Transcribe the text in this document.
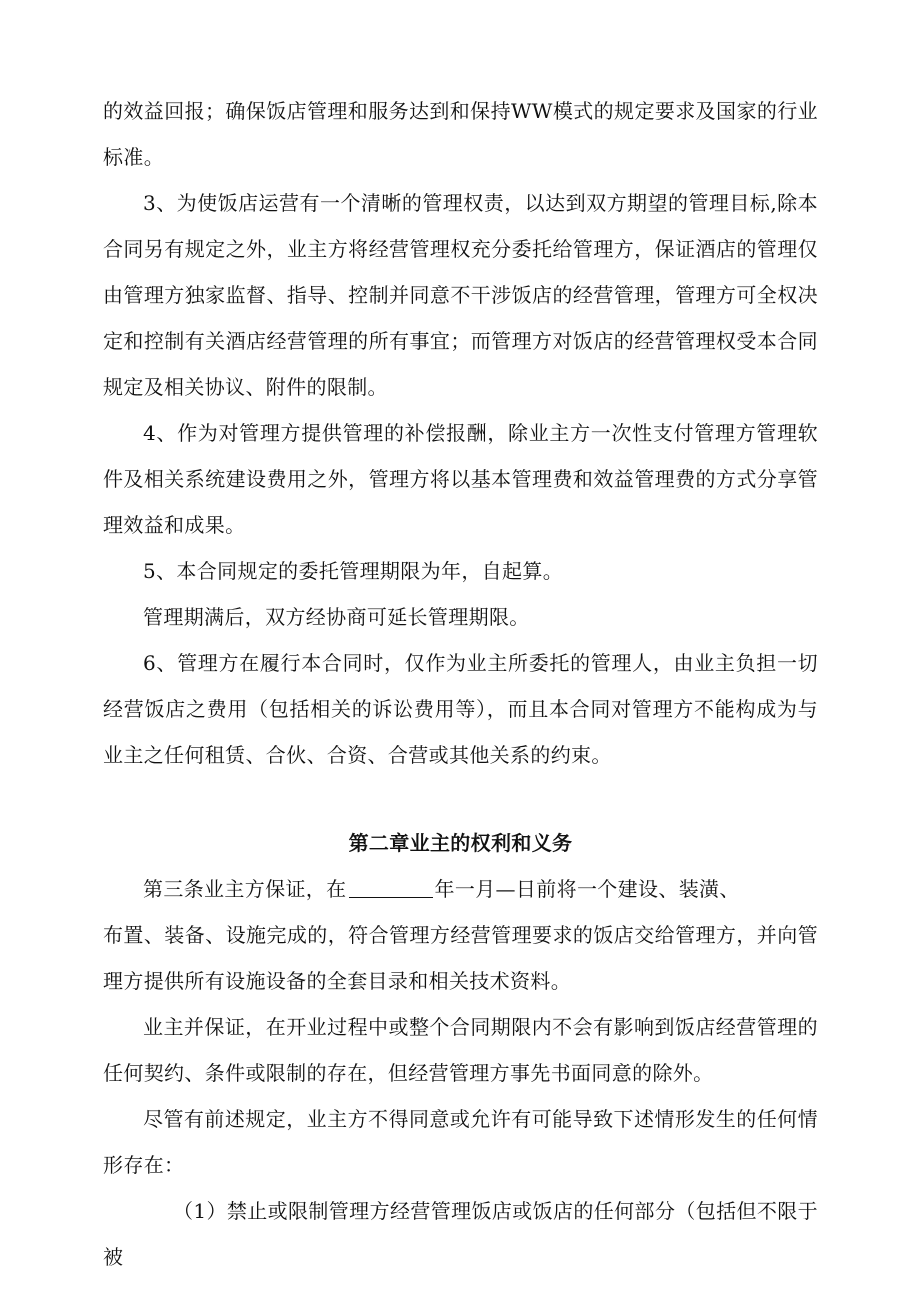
的效益回报；确保饭店管理和服务达到和保持WW模式的规定要求及国家的行业标准。

3、为使饭店运营有一个清晰的管理权责，以达到双方期望的管理目标,除本合同另有规定之外，业主方将经营管理权充分委托给管理方，保证酒店的管理仅由管理方独家监督、指导、控制并同意不干涉饭店的经营管理，管理方可全权决定和控制有关酒店经营管理的所有事宜；而管理方对饭店的经营管理权受本合同规定及相关协议、附件的限制。

4、作为对管理方提供管理的补偿报酬，除业主方一次性支付管理方管理软件及相关系统建设费用之外，管理方将以基本管理费和效益管理费的方式分享管理效益和成果。

5、本合同规定的委托管理期限为年，自起算。

管理期满后，双方经协商可延长管理期限。

6、管理方在履行本合同时，仅作为业主所委托的管理人，由业主负担一切经营饭店之费用（包括相关的诉讼费用等），而且本合同对管理方不能构成为与业主之任何租赁、合伙、合资、合营或其他关系的约束。

第二章业主的权利和义务

第三条业主方保证，在	年一月—日前将一个建设、装潢、

布置、装备、设施完成的，符合管理方经营管理要求的饭店交给管理方，并向管理方提供所有设施设备的全套目录和相关技术资料。

业主并保证，在开业过程中或整个合同期限内不会有影响到饭店经营管理的任何契约、条件或限制的存在，但经营管理方事先书面同意的除外。

尽管有前述规定，业主方不得同意或允许有可能导致下述情形发生的任何情形存在：

（1）禁止或限制管理方经营管理饭店或饭店的任何部分（包括但不限于被
